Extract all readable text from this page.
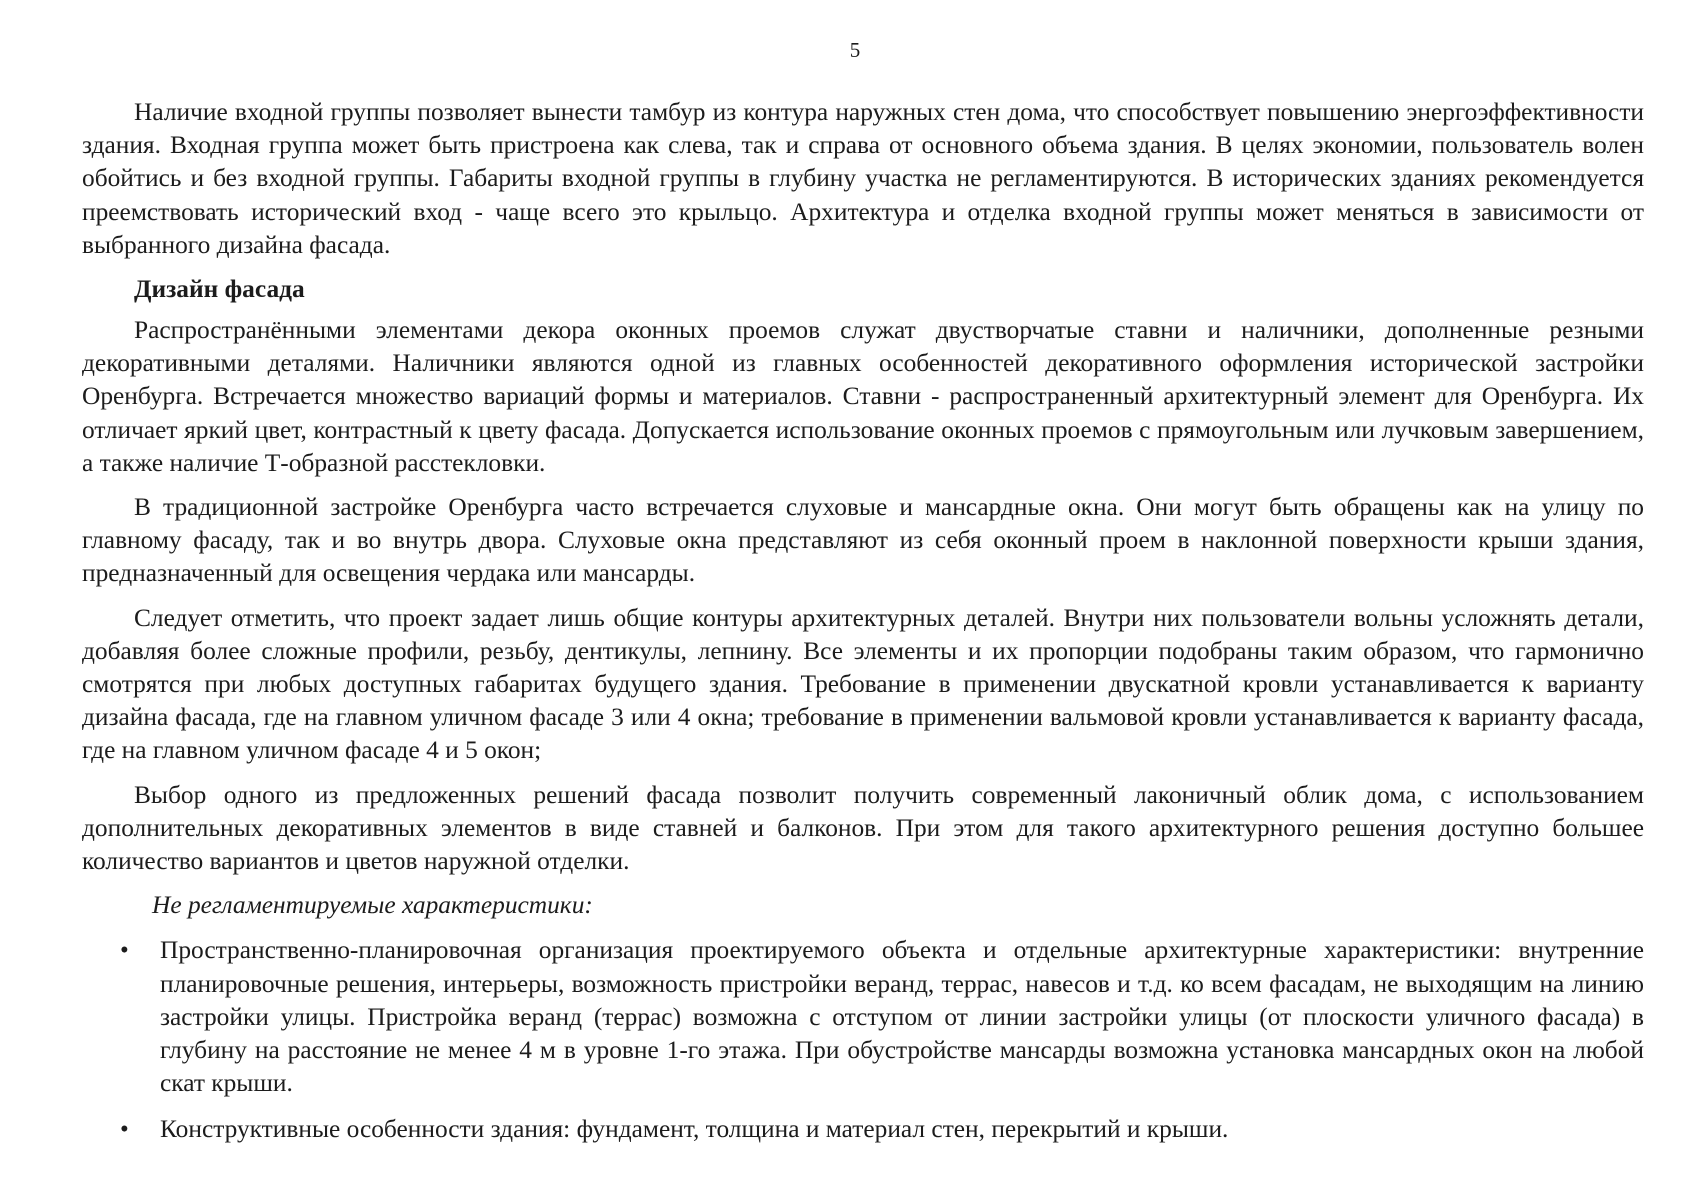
5

Наличие входной группы позволяет вынести тамбур из контура наружных стен дома, что способствует повышению энергоэффективности здания. Входная группа может быть пристроена как слева, так и справа от основного объема здания. В целях экономии, пользователь волен обойтись и без входной группы. Габариты входной группы в глубину участка не регламентируются. В исторических зданиях рекомендуется преемствовать исторический вход - чаще всего это крыльцо. Архитектура и отделка входной группы может меняться в зависимости от выбранного дизайна фасада.

Дизайн фасада

Распространёнными элементами декора оконных проемов служат двустворчатые ставни и наличники, дополненные резными декоративными деталями. Наличники являются одной из главных особенностей декоративного оформления исторической застройки Оренбурга. Встречается множество вариаций формы и материалов. Ставни - распространенный архитектурный элемент для Оренбурга. Их отличает яркий цвет, контрастный к цвету фасада. Допускается использование оконных проемов с прямоугольным или лучковым завершением, а также наличие Т-образной расстекловки.

В традиционной застройке Оренбурга часто встречается слуховые и мансардные окна. Они могут быть обращены как на улицу по главному фасаду, так и во внутрь двора. Слуховые окна представляют из себя оконный проем в наклонной поверхности крыши здания, предназначенный для освещения чердака или мансарды.

Следует отметить, что проект задает лишь общие контуры архитектурных деталей. Внутри них пользователи вольны усложнять детали, добавляя более сложные профили, резьбу, дентикулы, лепнину. Все элементы и их пропорции подобраны таким образом, что гармонично смотрятся при любых доступных габаритах будущего здания. Требование в применении двускатной кровли устанавливается к варианту дизайна фасада, где на главном уличном фасаде 3 или 4 окна; требование в применении вальмовой кровли устанавливается к варианту фасада, где на главном уличном фасаде 4 и 5 окон;

Выбор одного из предложенных решений фасада позволит получить современный лаконичный облик дома, с использованием дополнительных декоративных элементов в виде ставней и балконов. При этом для такого архитектурного решения доступно большее количество вариантов и цветов наружной отделки.

Не регламентируемые характеристики:

• Пространственно-планировочная организация проектируемого объекта и отдельные архитектурные характеристики: внутренние планировочные решения, интерьеры, возможность пристройки веранд, террас, навесов и т.д. ко всем фасадам, не выходящим на линию застройки улицы. Пристройка веранд (террас) возможна с отступом от линии застройки улицы (от плоскости уличного фасада) в глубину на расстояние не менее 4 м в уровне 1-го этажа. При обустройстве мансарды возможна установка мансардных окон на любой скат крыши.

• Конструктивные особенности здания: фундамент, толщина и материал стен, перекрытий и крыши.
